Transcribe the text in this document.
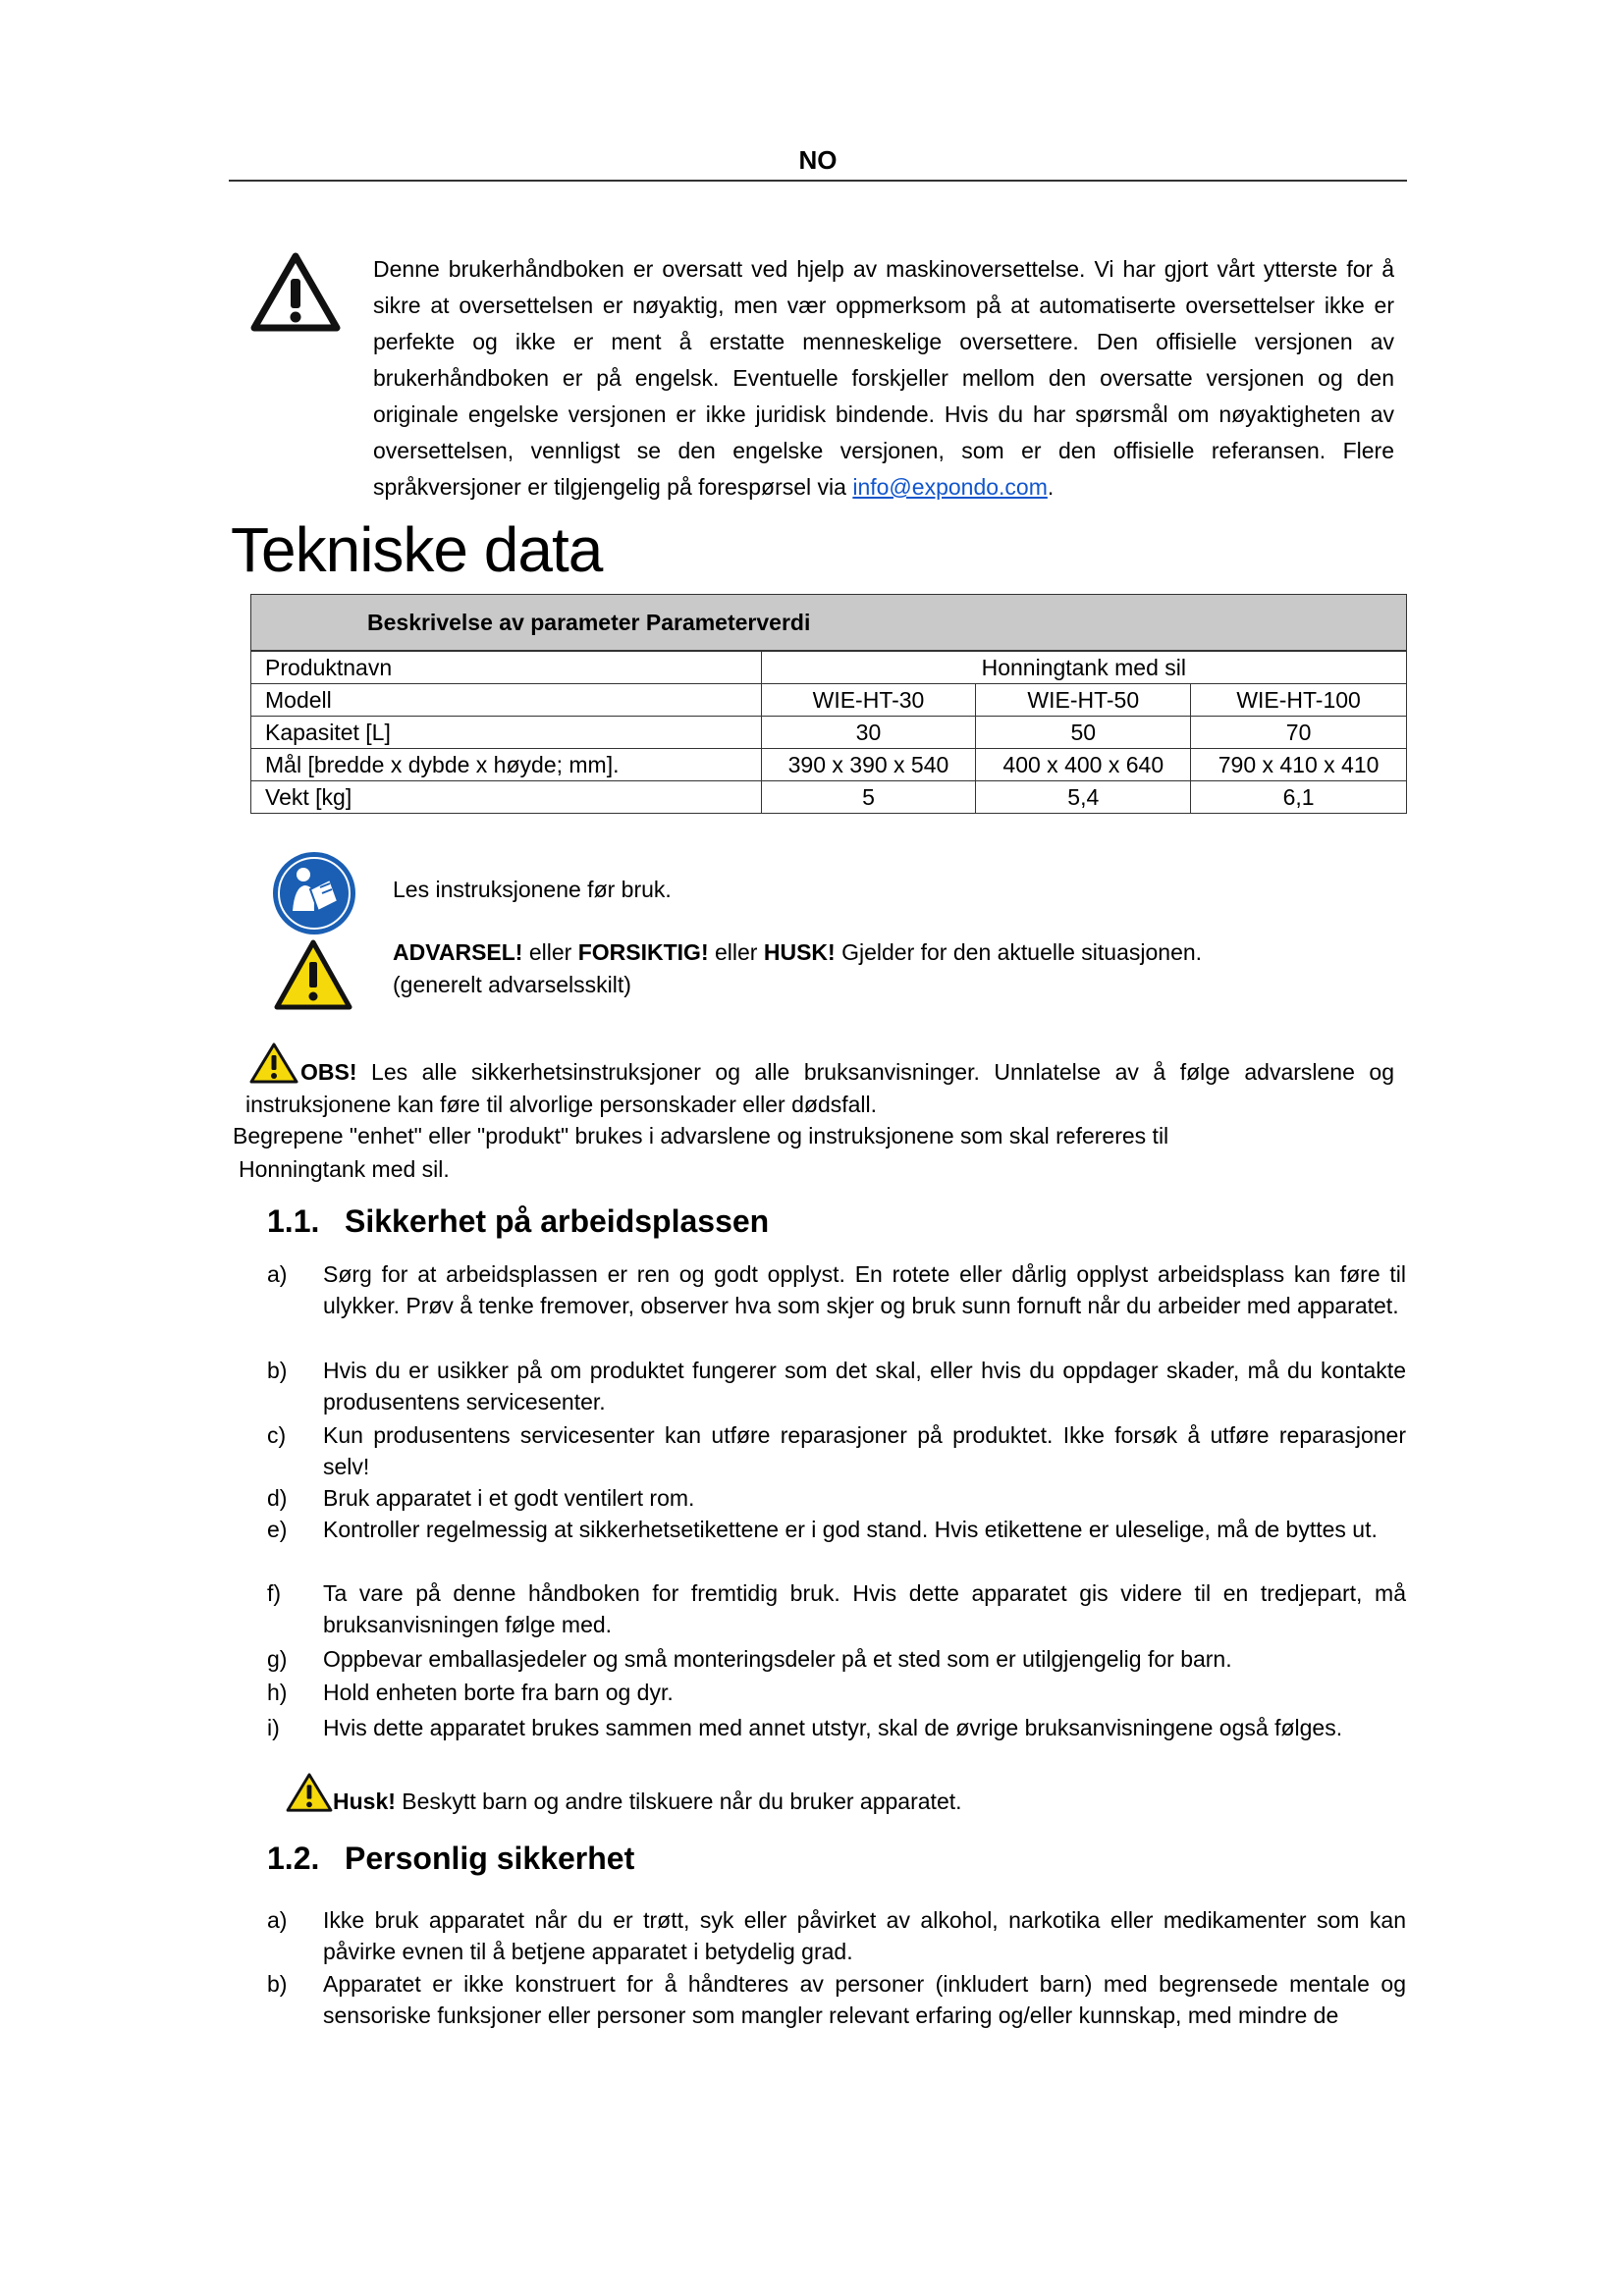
NO
Denne brukerhåndboken er oversatt ved hjelp av maskinoversettelse. Vi har gjort vårt ytterste for å sikre at oversettelsen er nøyaktig, men vær oppmerksom på at automatiserte oversettelser ikke er perfekte og ikke er ment å erstatte menneskelige oversettere. Den offisielle versjonen av brukerhåndboken er på engelsk. Eventuelle forskjeller mellom den oversatte versjonen og den originale engelske versjonen er ikke juridisk bindende. Hvis du har spørsmål om nøyaktigheten av oversettelsen, vennligst se den engelske versjonen, som er den offisielle referansen. Flere språkversjoner er tilgjengelig på forespørsel via info@expondo.com.
Tekniske data
Beskrivelse av parameter Parameterverdi			

Produktnavn	Honningtank med sil		
Modell	WIE-HT-30	WIE-HT-50	WIE-HT-100
Kapasitet [L]	30	50	70
Mål [bredde x dybde x høyde; mm].	390 x 390 x 540	400 x 400 x 640	790 x 410 x 410
Vekt [kg]	5	5,4	6,1
Les instruksjonene før bruk.
ADVARSEL! eller FORSIKTIG! eller HUSK! Gjelder for den aktuelle situasjonen.
(generelt advarselsskilt)
OBS! Les alle sikkerhetsinstruksjoner og alle bruksanvisninger. Unnlatelse av å følge advarslene og instruksjonene kan føre til alvorlige personskader eller dødsfall.
Begrepene "enhet" eller "produkt" brukes i advarslene og instruksjonene som skal refereres til
Honningtank med sil.
1.1. Sikkerhet på arbeidsplassen
a) Sørg for at arbeidsplassen er ren og godt opplyst. En rotete eller dårlig opplyst arbeidsplass kan føre til ulykker. Prøv å tenke fremover, observer hva som skjer og bruk sunn fornuft når du arbeider med apparatet.
b) Hvis du er usikker på om produktet fungerer som det skal, eller hvis du oppdager skader, må du kontakte produsentens servicesenter.
c) Kun produsentens servicesenter kan utføre reparasjoner på produktet. Ikke forsøk å utføre reparasjoner selv!
d) Bruk apparatet i et godt ventilert rom.
e) Kontroller regelmessig at sikkerhetsetikettene er i god stand. Hvis etikettene er uleselige, må de byttes ut.
f) Ta vare på denne håndboken for fremtidig bruk. Hvis dette apparatet gis videre til en tredjepart, må bruksanvisningen følge med.
g) Oppbevar emballasjedeler og små monteringsdeler på et sted som er utilgjengelig for barn.
h) Hold enheten borte fra barn og dyr.
i) Hvis dette apparatet brukes sammen med annet utstyr, skal de øvrige bruksanvisningene også følges.
Husk! Beskytt barn og andre tilskuere når du bruker apparatet.
1.2. Personlig sikkerhet
a) Ikke bruk apparatet når du er trøtt, syk eller påvirket av alkohol, narkotika eller medikamenter som kan påvirke evnen til å betjene apparatet i betydelig grad.
b) Apparatet er ikke konstruert for å håndteres av personer (inkludert barn) med begrensede mentale og sensoriske funksjoner eller personer som mangler relevant erfaring og/eller kunnskap, med mindre de
